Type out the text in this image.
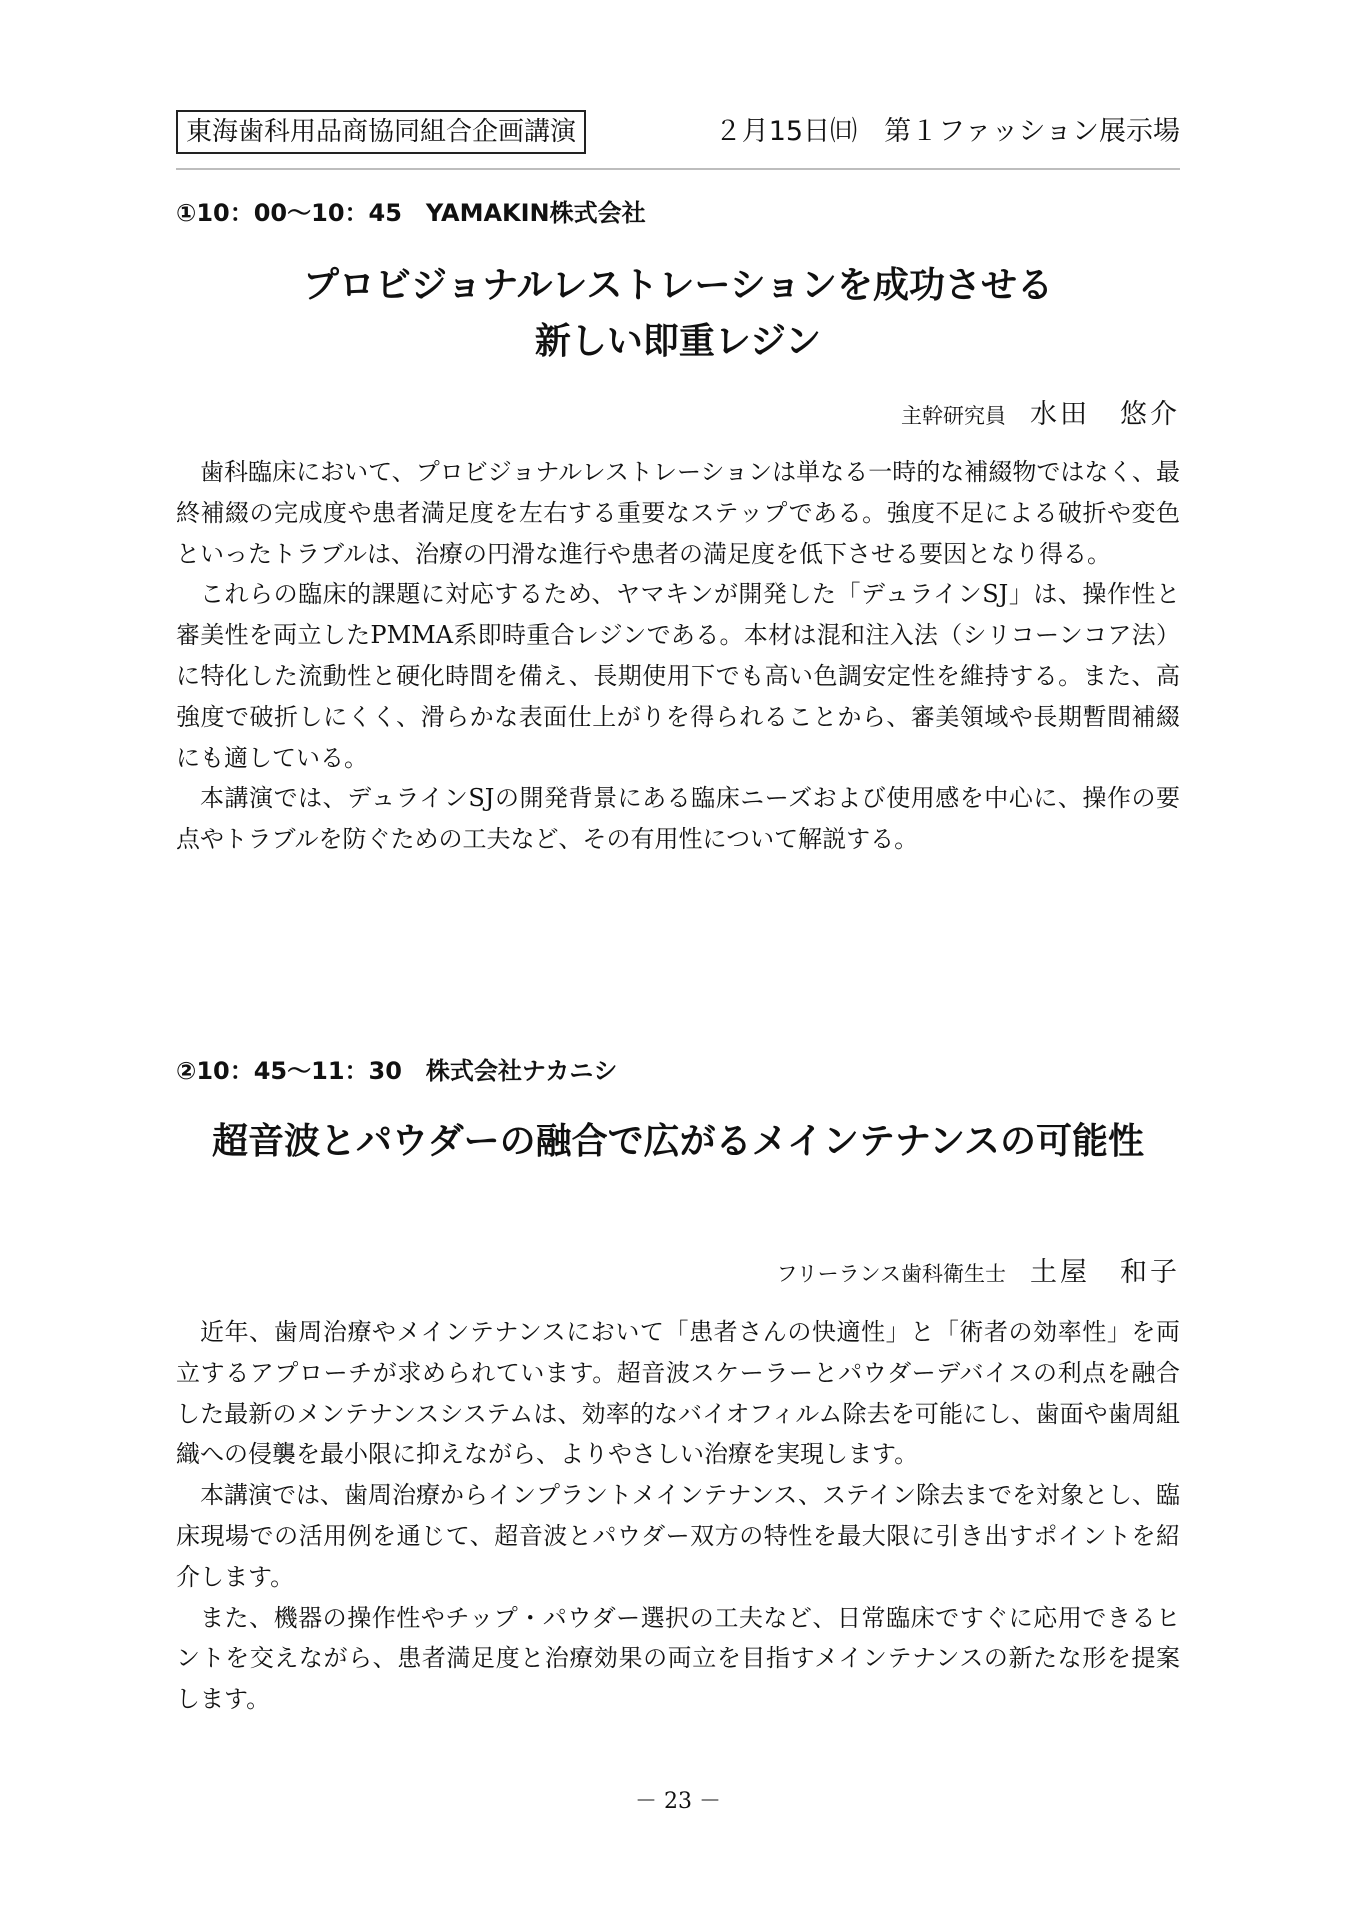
東海歯科用品商協同組合企画講演	２月15日㈰　第１ファッション展示場
①10：00〜10：45　YAMAKIN株式会社
プロビジョナルレストレーションを成功させる
新しい即重レジン
主幹研究員 水田　悠介

歯科臨床において、プロビジョナルレストレーションは単なる一時的な補綴物ではなく、最終補綴の完成度や患者満足度を左右する重要なステップである。強度不足による破折や変色といったトラブルは、治療の円滑な進行や患者の満足度を低下させる要因となり得る。

これらの臨床的課題に対応するため、ヤマキンが開発した「デュラインSJ」は、操作性と審美性を両立したPMMA系即時重合レジンである。本材は混和注入法（シリコーンコア法）に特化した流動性と硬化時間を備え、長期使用下でも高い色調安定性を維持する。また、高強度で破折しにくく、滑らかな表面仕上がりを得られることから、審美領域や長期暫間補綴にも適している。

本講演では、デュラインSJの開発背景にある臨床ニーズおよび使用感を中心に、操作の要点やトラブルを防ぐための工夫など、その有用性について解説する。

②10：45〜11：30　株式会社ナカニシ
超音波とパウダーの融合で広がるメインテナンスの可能性
フリーランス歯科衛生士 土屋　和子

近年、歯周治療やメインテナンスにおいて「患者さんの快適性」と「術者の効率性」を両立するアプローチが求められています。超音波スケーラーとパウダーデバイスの利点を融合した最新のメンテナンスシステムは、効率的なバイオフィルム除去を可能にし、歯面や歯周組織への侵襲を最小限に抑えながら、よりやさしい治療を実現します。

本講演では、歯周治療からインプラントメインテナンス、ステイン除去までを対象とし、臨床現場での活用例を通じて、超音波とパウダー双方の特性を最大限に引き出すポイントを紹介します。

また、機器の操作性やチップ・パウダー選択の工夫など、日常臨床ですぐに応用できるヒントを交えながら、患者満足度と治療効果の両立を目指すメインテナンスの新たな形を提案します。

－ 23 －
